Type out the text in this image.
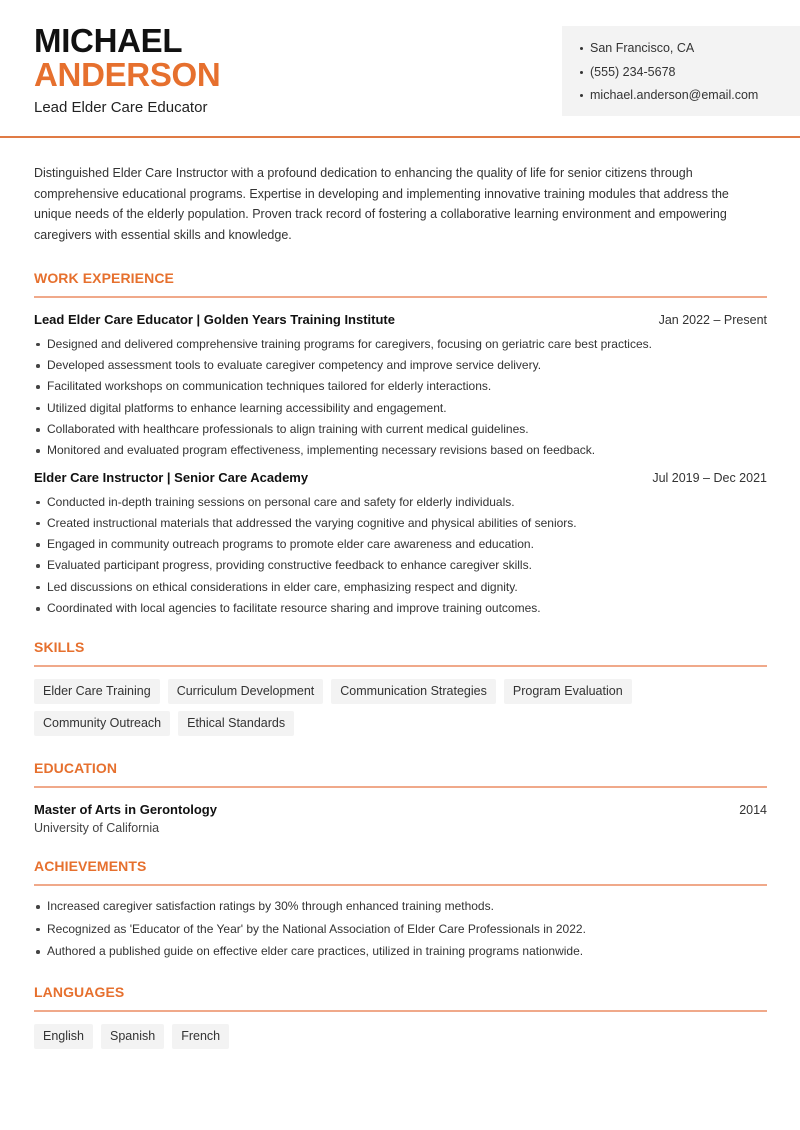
MICHAEL
ANDERSON
Lead Elder Care Educator
San Francisco, CA
(555) 234-5678
michael.anderson@email.com

Distinguished Elder Care Instructor with a profound dedication to enhancing the quality of life for senior citizens through comprehensive educational programs. Expertise in developing and implementing innovative training modules that address the unique needs of the elderly population. Proven track record of fostering a collaborative learning environment and empowering caregivers with essential skills and knowledge.

WORK EXPERIENCE
Lead Elder Care Educator | Golden Years Training Institute	Jan 2022 – Present
Designed and delivered comprehensive training programs for caregivers, focusing on geriatric care best practices.
Developed assessment tools to evaluate caregiver competency and improve service delivery.
Facilitated workshops on communication techniques tailored for elderly interactions.
Utilized digital platforms to enhance learning accessibility and engagement.
Collaborated with healthcare professionals to align training with current medical guidelines.
Monitored and evaluated program effectiveness, implementing necessary revisions based on feedback.
Elder Care Instructor | Senior Care Academy	Jul 2019 – Dec 2021
Conducted in-depth training sessions on personal care and safety for elderly individuals.
Created instructional materials that addressed the varying cognitive and physical abilities of seniors.
Engaged in community outreach programs to promote elder care awareness and education.
Evaluated participant progress, providing constructive feedback to enhance caregiver skills.
Led discussions on ethical considerations in elder care, emphasizing respect and dignity.
Coordinated with local agencies to facilitate resource sharing and improve training outcomes.
SKILLS
Elder Care Training	Curriculum Development	Communication Strategies	Program Evaluation
Community Outreach	Ethical Standards
EDUCATION
Master of Arts in Gerontology	2014
University of California
ACHIEVEMENTS
Increased caregiver satisfaction ratings by 30% through enhanced training methods.
Recognized as 'Educator of the Year' by the National Association of Elder Care Professionals in 2022.
Authored a published guide on effective elder care practices, utilized in training programs nationwide.
LANGUAGES
English	Spanish	French
